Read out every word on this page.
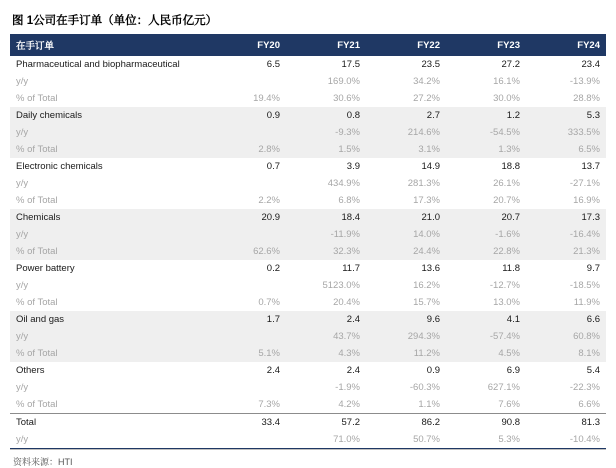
图 1公司在手订单（单位：人民币亿元）
在手订单	FY20	FY21	FY22	FY23	FY24
Pharmaceutical and biopharmaceutical	6.5	17.5	23.5	27.2	23.4
y/y		169.0%	34.2%	16.1%	-13.9%
% of Total	19.4%	30.6%	27.2%	30.0%	28.8%
Daily chemicals	0.9	0.8	2.7	1.2	5.3
y/y		-9.3%	214.6%	-54.5%	333.5%
% of Total	2.8%	1.5%	3.1%	1.3%	6.5%
Electronic chemicals	0.7	3.9	14.9	18.8	13.7
y/y		434.9%	281.3%	26.1%	-27.1%
% of Total	2.2%	6.8%	17.3%	20.7%	16.9%
Chemicals	20.9	18.4	21.0	20.7	17.3
y/y		-11.9%	14.0%	-1.6%	-16.4%
% of Total	62.6%	32.3%	24.4%	22.8%	21.3%
Power battery	0.2	11.7	13.6	11.8	9.7
y/y		5123.0%	16.2%	-12.7%	-18.5%
% of Total	0.7%	20.4%	15.7%	13.0%	11.9%
Oil and gas	1.7	2.4	9.6	4.1	6.6
y/y		43.7%	294.3%	-57.4%	60.8%
% of Total	5.1%	4.3%	11.2%	4.5%	8.1%
Others	2.4	2.4	0.9	6.9	5.4
y/y		-1.9%	-60.3%	627.1%	-22.3%
% of Total	7.3%	4.2%	1.1%	7.6%	6.6%
Total	33.4	57.2	86.2	90.8	81.3
y/y		71.0%	50.7%	5.3%	-10.4%
资料来源：HTI
